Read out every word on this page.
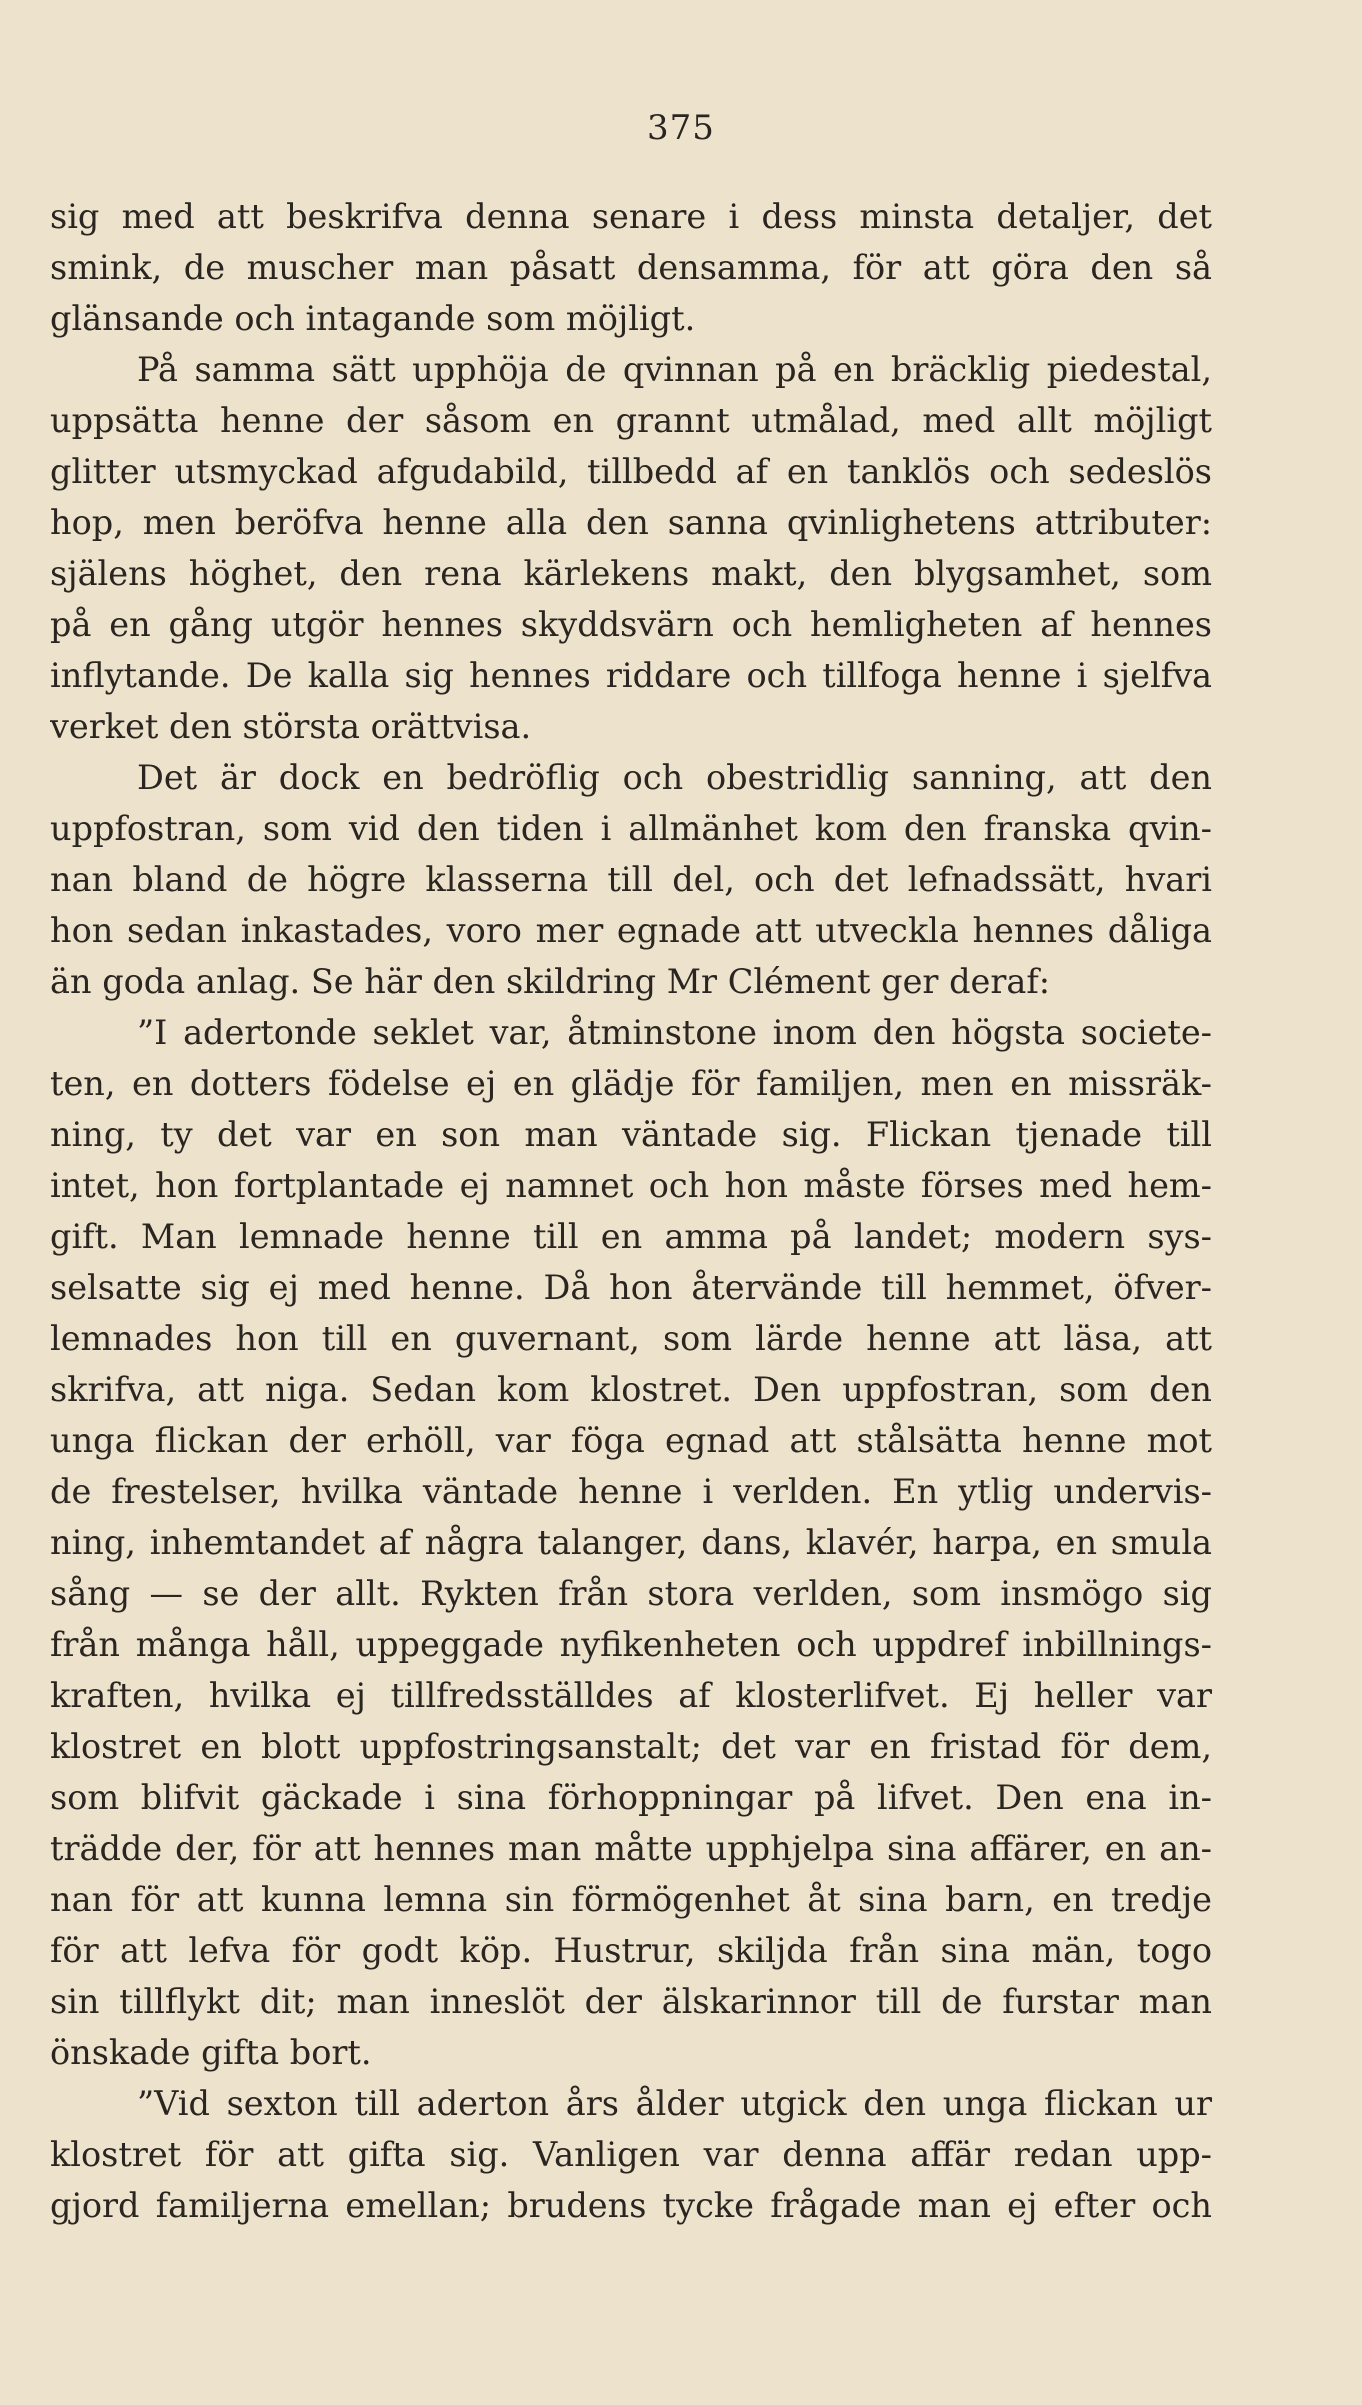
375
sig med att beskrifva denna senare i dess minsta detaljer, det
smink, de muscher man påsatt densamma, för att göra den så
glänsande och intagande som möjligt.
På samma sätt upphöja de qvinnan på en bräcklig piedestal,
uppsätta henne der såsom en grannt utmålad, med allt möjligt
glitter utsmyckad afgudabild, tillbedd af en tanklös och sedeslös
hop, men beröfva henne alla den sanna qvinlighetens attributer:
själens höghet, den rena kärlekens makt, den blygsamhet, som
på en gång utgör hennes skyddsvärn och hemligheten af hennes
inflytande. De kalla sig hennes riddare och tillfoga henne i sjelfva
verket den största orättvisa.
Det är dock en bedröflig och obestridlig sanning, att den
uppfostran, som vid den tiden i allmänhet kom den franska qvin-
nan bland de högre klasserna till del, och det lefnadssätt, hvari
hon sedan inkastades, voro mer egnade att utveckla hennes dåliga
än goda anlag. Se här den skildring Mr Clément ger deraf:
”I adertonde seklet var, åtminstone inom den högsta societe-
ten, en dotters födelse ej en glädje för familjen, men en missräk-
ning, ty det var en son man väntade sig. Flickan tjenade till
intet, hon fortplantade ej namnet och hon måste förses med hem-
gift. Man lemnade henne till en amma på landet; modern sys-
selsatte sig ej med henne. Då hon återvände till hemmet, öfver-
lemnades hon till en guvernant, som lärde henne att läsa, att
skrifva, att niga. Sedan kom klostret. Den uppfostran, som den
unga flickan der erhöll, var föga egnad att stålsätta henne mot
de frestelser, hvilka väntade henne i verlden. En ytlig undervis-
ning, inhemtandet af några talanger, dans, klavér, harpa, en smula
sång — se der allt. Rykten från stora verlden, som insmögo sig
från många håll, uppeggade nyfikenheten och uppdref inbillnings-
kraften, hvilka ej tillfredsställdes af klosterlifvet. Ej heller var
klostret en blott uppfostringsanstalt; det var en fristad för dem,
som blifvit gäckade i sina förhoppningar på lifvet. Den ena in-
trädde der, för att hennes man måtte upphjelpa sina affärer, en an-
nan för att kunna lemna sin förmögenhet åt sina barn, en tredje
för att lefva för godt köp. Hustrur, skiljda från sina män, togo
sin tillflykt dit; man inneslöt der älskarinnor till de furstar man
önskade gifta bort.
”Vid sexton till aderton års ålder utgick den unga flickan ur
klostret för att gifta sig. Vanligen var denna affär redan upp-
gjord familjerna emellan; brudens tycke frågade man ej efter och
